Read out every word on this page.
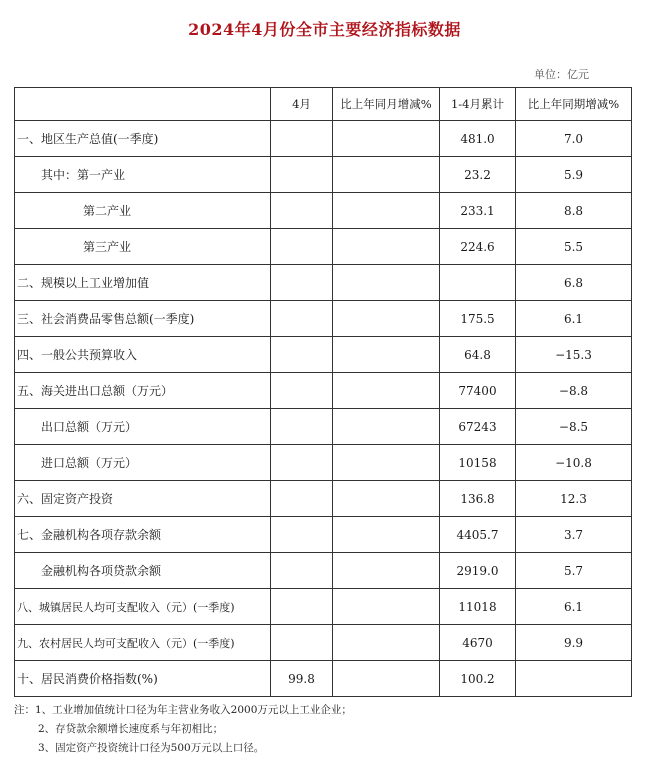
2024年4月份全市主要经济指标数据
单位：亿元
	4月	比上年同月增减%	1-4月累计	比上年同期增减%
一、地区生产总值(一季度)			481.0	7.0
其中：第一产业			23.2	5.9
第二产业			233.1	8.8
第三产业			224.6	5.5
二、规模以上工业增加值				6.8
三、社会消费品零售总额(一季度)			175.5	6.1
四、一般公共预算收入			64.8	−15.3
五、海关进出口总额（万元）			77400	−8.8
出口总额（万元）			67243	−8.5
进口总额（万元）			10158	−10.8
六、固定资产投资			136.8	12.3
七、金融机构各项存款余额			4405.7	3.7
金融机构各项贷款余额			2919.0	5.7
八、城镇居民人均可支配收入（元）(一季度)			11018	6.1
九、农村居民人均可支配收入（元）(一季度)			4670	9.9
十、居民消费价格指数(%)	99.8		100.2	
注：1、工业增加值统计口径为年主营业务收入2000万元以上工业企业；
2、存贷款余额增长速度系与年初相比；
3、固定资产投资统计口径为500万元以上口径。
